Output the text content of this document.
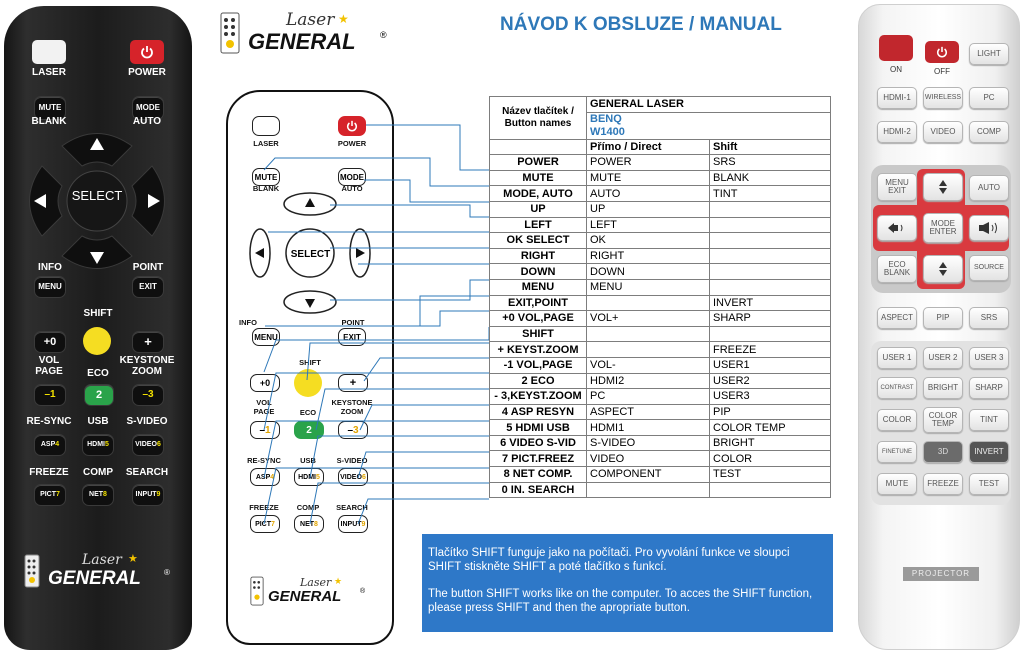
LASER	POWER
MUTE
BLANK
MODE
AUTO
SELECT
INFO	POINT
MENU	EXIT
SHIFT
+0	+
VOL
PAGE	ECO
KEYSTONE
ZOOM
–1	2	–3
RE-SYNC	USB	S-VIDEO
ASP 4	HDMI 5	VIDEO 6
FREEZE	COMP	SEARCH
PICT 7	NET 8	INPUT 9
Laser ★
GENERAL	®
Laser ★
GENERAL	®
LASER	POWER
MUTE
BLANK
MODE
AUTO
SELECT
INFO
MENU
POINT
EXIT
SHIFT
+0	+
VOL
PAGE	ECO
KEYSTONE
ZOOM
– 1	2	– 3
RE-SYNC	USB	S-VIDEO
ASP 4	HDMI 5	VIDEO 6
FREEZE	COMP	SEARCH
PICT 7	NET 8	INPUT 9
Laser ★
GENERAL	®
NÁVOD K OBSLUZE / MANUAL
Název tlačítek /
Button names	GENERAL LASER	

	BENQ
W1400	

	Přímo / Direct	Shift
POWER	POWER	SRS
MUTE	MUTE	BLANK
MODE, AUTO	AUTO	TINT
UP	UP	
LEFT	LEFT	
OK SELECT	OK	
RIGHT	RIGHT	
DOWN	DOWN	
MENU	MENU	
EXIT,POINT		INVERT
+0 VOL,PAGE	VOL+	SHARP
SHIFT		
+ KEYST.ZOOM		FREEZE
-1 VOL,PAGE	VOL-	USER1
2 ECO	HDMI2	USER2
- 3,KEYST.ZOOM	PC	USER3
4 ASP RESYN	ASPECT	PIP
5 HDMI USB	HDMI1	COLOR TEMP
6 VIDEO S-VID	S-VIDEO	BRIGHT
7 PICT.FREEZ	VIDEO	COLOR
8 NET COMP.	COMPONENT	TEST
0 IN. SEARCH		

Tlačítko SHIFT funguje jako na počítači. Pro vyvolání funkce ve sloupci SHIFT stiskněte SHIFT a poté tlačítko s funkcí.

The button SHIFT works like on the computer. To acces the SHIFT function, please press SHIFT and then the apropriate button.

ON	OFF
LIGHT
HDMI-1	WIRELESS	PC
HDMI-2	VIDEO	COMP
MENU
EXIT	AUTO
MODE
ENTER
ECO
BLANK
SOURCE
ASPECT	PIP	SRS
USER 1	USER 2	USER 3
CONTRAST	BRIGHT	SHARP
COLOR	COLOR
TEMP	TINT
FINETUNE	3D	INVERT
MUTE	FREEZE	TEST
PROJECTOR
